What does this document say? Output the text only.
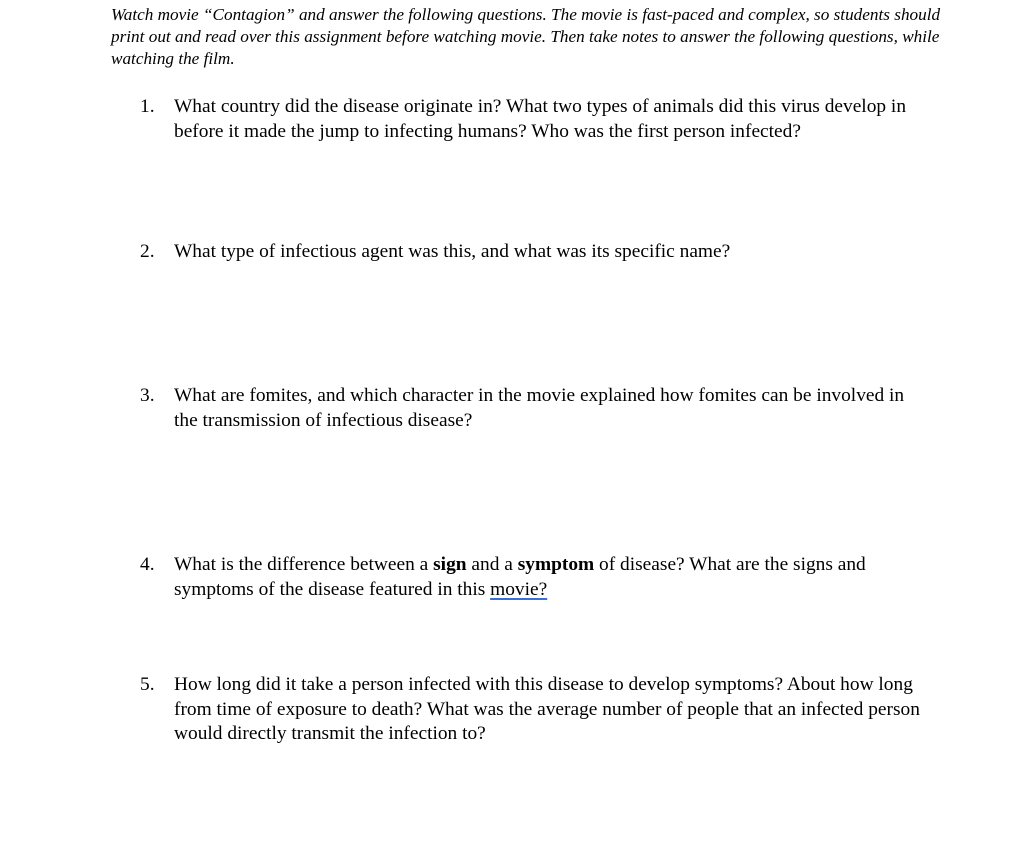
Watch movie “Contagion” and answer the following questions. The movie is fast-paced and complex, so students should print out and read over this assignment before watching movie. Then take notes to answer the following questions, while watching the film.
1.	What country did the disease originate in? What two types of animals did this virus develop in before it made the jump to infecting humans? Who was the first person infected?
2.	What type of infectious agent was this, and what was its specific name?
3.	What are fomites, and which character in the movie explained how fomites can be involved in the transmission of infectious disease?
4.	What is the difference between a sign and a symptom of disease? What are the signs and symptoms of the disease featured in this movie?
5.	How long did it take a person infected with this disease to develop symptoms? About how long from time of exposure to death? What was the average number of people that an infected person would directly transmit the infection to?
